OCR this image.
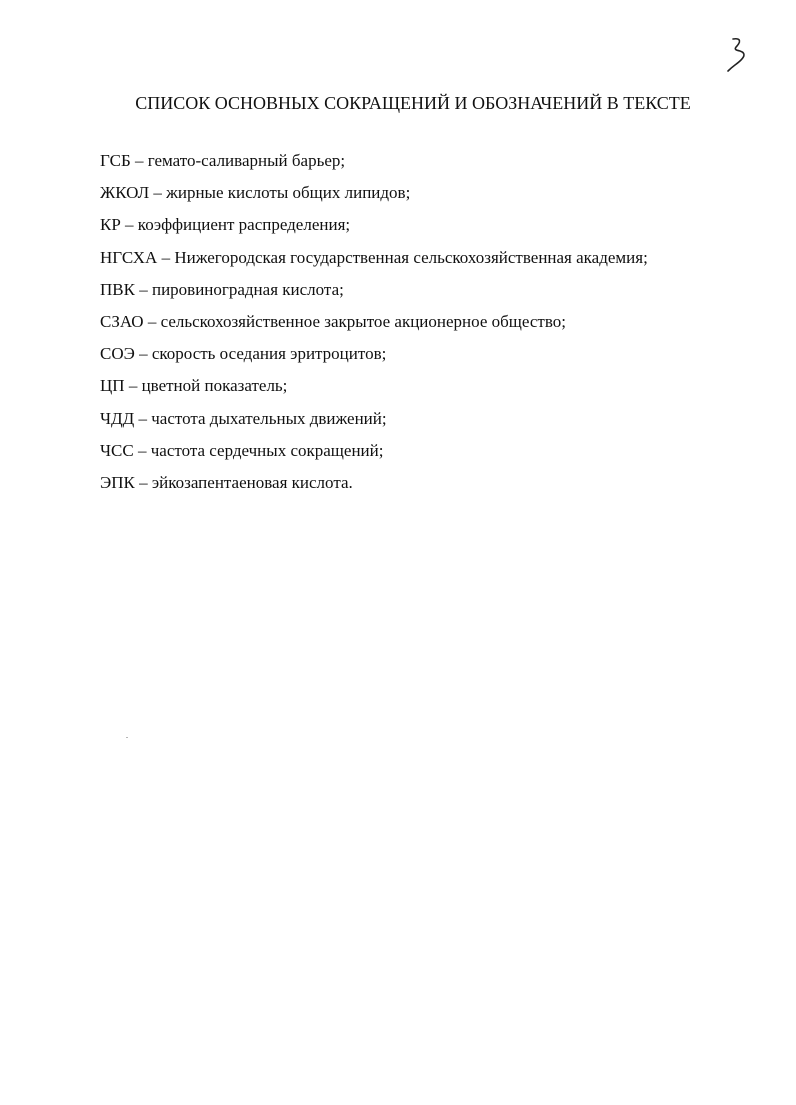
СПИСОК ОСНОВНЫХ СОКРАЩЕНИЙ И ОБОЗНАЧЕНИЙ В ТЕКСТЕ
ГСБ – гемато-саливарный барьер;
ЖКОЛ – жирные кислоты общих липидов;
КР – коэффициент распределения;
НГСХА – Нижегородская государственная сельскохозяйственная академия;
ПВК – пировиноградная кислота;
СЗАО – сельскохозяйственное закрытое акционерное общество;
СОЭ – скорость оседания эритроцитов;
ЦП – цветной показатель;
ЧДД – частота дыхательных движений;
ЧСС – частота сердечных сокращений;
ЭПК – эйкозапентаеновая кислота.
